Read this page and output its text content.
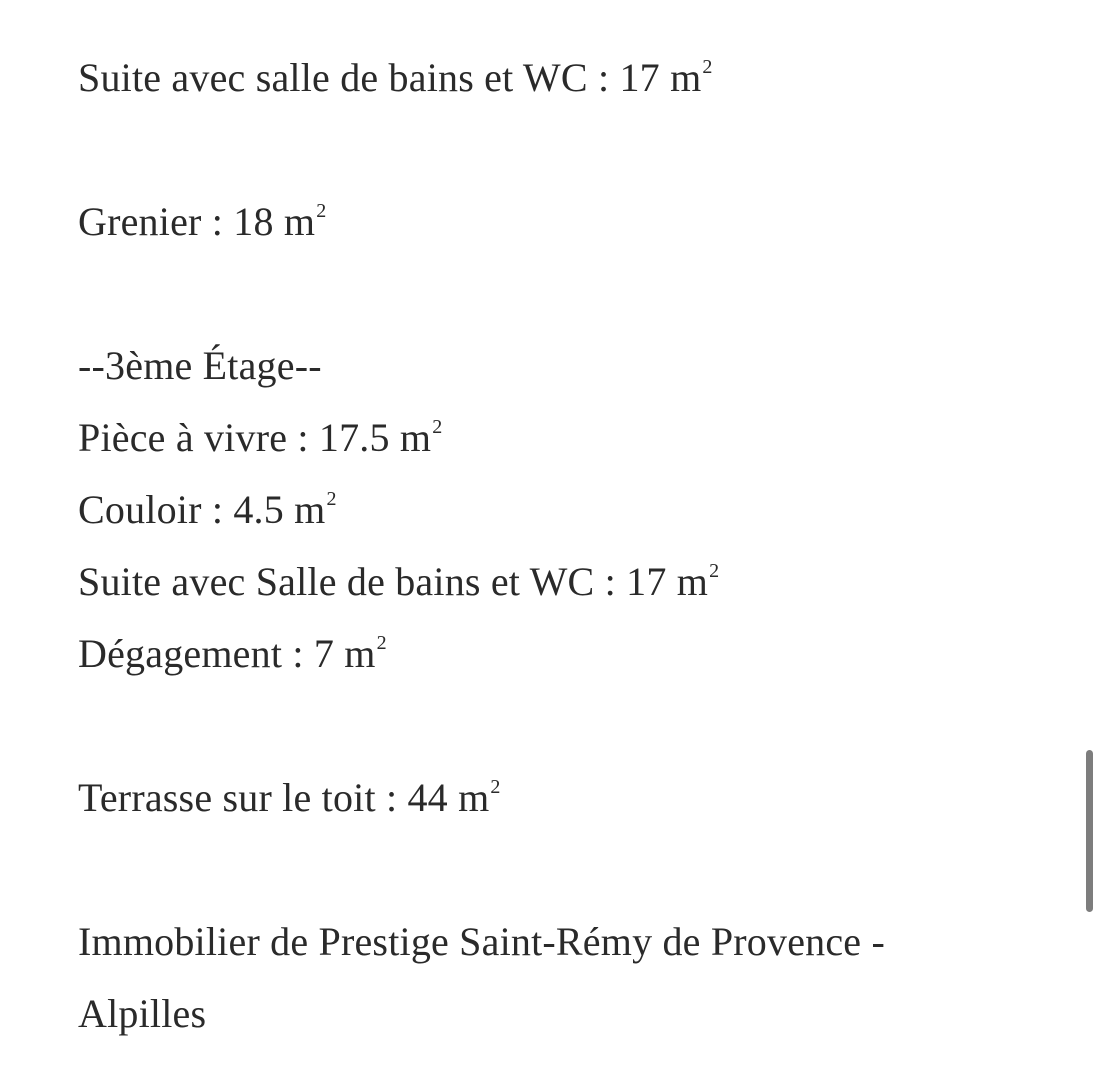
Suite avec salle de bains et WC : 17 $m^2$
Grenier : 18 $m^2$
--3ème Étage--
Pièce à vivre : 17.5 $m^2$
Couloir : 4.5 $m^2$
Suite avec Salle de bains et WC : 17 $m^2$
Dégagement : 7 $m^2$
Terrasse sur le toit : 44 $m^2$
Immobilier de Prestige Saint-Rémy de Provence - Alpilles
